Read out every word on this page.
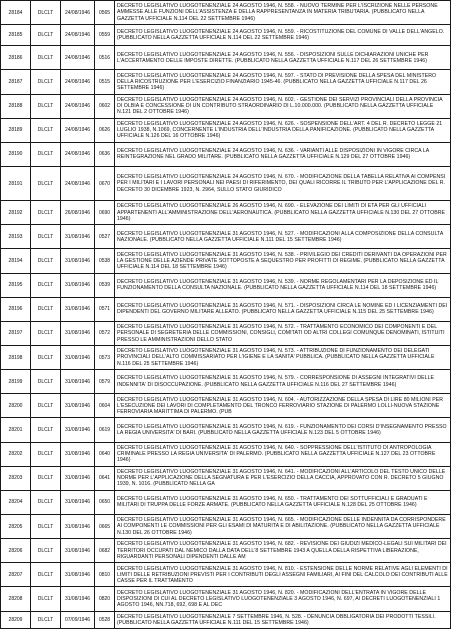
28184	DLCLT	24/08/1946	0565	DECRETO LEGISLATIVO LUOGOTENENZIALE 24 AGOSTO 1946, N. 558. - NUOVO TERMINE PER L'ISCRIZIONE NELLE PERSONE AMMESSE ALLE FUNZIONI DELL'ASSISTENZA E DELLA RAPPRESENTANZA IN MATERIA TRIBUTARIA. (PUBBLICATO NELLA GAZZETTA UFFICIALE N.114 DEL 22 SETTEMBRE 1946)
28185	DLCLT	24/08/1946	0559	DECRETO LEGISLATIVO LUOGOTENENZIALE 24 AGOSTO 1946, N. 559. - RICOSTITUZIONE DEL COMUNE DI VALLE DELL'ANGELO. (PUBBLICATO NELLA GAZZETTA UFFICIALE N.114 DEL 22 SETTEMBRE 1946)
28186	DLCLT	24/08/1946	0516	DECRETO LEGISLATIVO LUOGOTENENZIALE 24 AGOSTO 1946, N. 556. - DISPOSIZIONI SULLE DICHIARAZIONI UNICHE PER L'ACCERTAMENTO DELLE IMPOSTE DIRETTE. (PUBBLICATO NELLA GAZZETTA UFFICIALE N.117 DEL 26 SETTEMBRE 1946)
28187	DLCLT	24/08/1946	0515	DECRETO LEGISLATIVO LUOGOTENENZIALE 24 AGOSTO 1946, N. 597. - STATO DI PREVISIONE DELLA SPESA DEL MINISTERO DELLA RICOSTRUZIONE PER L'ESERCIZIO FINANZIARIO 1945-46. (PUBBLICATO NELLA GAZZETTA UFFICIALE N.117 DEL 26 SETTEMBRE 1946)
28188	DLCLT	24/08/1946	0602	DECRETO LEGISLATIVO LUOGOTENENZIALE 24 AGOSTO 1946, N. 602. - GESTIONE DEI SERVIZI PROVINCIALI DELLA PROVINCIA DI OLBIA E CONCESSIONE DI UN CONTRIBUTO STRAORDINARIO DI L.10.000.000. (PUBBLICATO NELLA GAZZETTA UFFICIALE N.121 DEL 2 OTTOBRE 1946)
28189	DLCLT	24/08/1946	0626	DECRETO LEGISLATIVO LUOGOTENENZIALE 24 AGOSTO 1946, N. 626. - SOSPENSIONE DELL'ART. 4 DEL R. DECRETO LEGGE 21 LUGLIO 1938, N.1069, CONCERNENTE L'INDUSTRIA DELL'INDUSTRIA DELLA PANIFICAZIONE. (PUBBLICATO NELLA GAZZETTA UFFICIALE N.126 DEL 16 OTTOBRE 1946)
28190	DLCLT	24/08/1946	0636	DECRETO LEGISLATIVO LUOGOTENENZIALE 24 AGOSTO 1946, N. 636. - VARIANTI ALLE DISPOSIZIONI IN VIGORE CIRCA LA REINTEGRAZIONE NEL GRADO MILITARE. (PUBBLICATO NELLA GAZZETTA UFFICIALE N.129 DEL 27 OTTOBRE 1946)
28191	DLCLT	24/08/1946	0670	DECRETO LEGISLATIVO LUOGOTENENZIALE 24 AGOSTO 1946, N. 670. - MODIFICAZIONE DELLA TABELLA RELATIVA AI COMPENSI PER I MILITARI E I LAVORI PERSONALI NEI PAESI DI RIFERIMENTO, DEI QUALI RICORRE IL TRIBUTO PER L'APPLICAZIONE DEL R. DECRETO 30 DICEMBRE 1923, N. 2964, SULLO STATO GIURIDICO
28192	DLCLT	26/08/1946	0690	DECRETO LEGISLATIVO LUOGOTENENZIALE 26 AGOSTO 1946, N. 690. - ELEVAZIONE DEI LIMITI DI ETA PER GLI UFFICIALI APPARTENENTI ALL'AMMINISTRAZIONE DELL'AERONAUTICA. (PUBBLICATO NELLA GAZZETTA UFFICIALE N.130 DEL 27 OTTOBRE 1946)
28193	DLCLT	31/08/1946	0527	DECRETO LEGISLATIVO LUOGOTENENZIALE 31 AGOSTO 1946, N. 527. - MODIFICAZIONI ALLA COMPOSIZIONE DELLA CONSULTA NAZIONALE. (PUBBLICATO NELLA GAZZETTA UFFICIALE N.111 DEL 15 SETTEMBRE 1946)
28194	DLCLT	31/08/1946	0538	DECRETO LEGISLATIVO LUOGOTENENZIALE 31 AGOSTO 1946, N. 538. - PRIVILEGIO DEI CREDITI DERIVANTI DA OPERAZIONI PER LA GESTIONE DELLE AZIENDE PRIVATE SOTTOPOSTE A SEQUESTRO PER PROFITTI DI REGIME. (PUBBLICATO NELLA GAZZETTA UFFICIALE N.114 DEL 18 SETTEMBRE 1946)
28195	DLCLT	31/08/1946	0539	DECRETO LEGISLATIVO LUOGOTENENZIALE 31 AGOSTO 1946, N. 539. - NORME REGOLAMENTARI PER LA DEPOSIZIONE ED IL FUNZIONAMENTO DELLA CONSULTA NAZIONALE. (PUBBLICATO NELLA GAZZETTA UFFICIALE N.114 DEL 18 SETTEMBRE 1946)
28196	DLCLT	31/08/1946	0571	DECRETO LEGISLATIVO LUOGOTENENZIALE 31 AGOSTO 1946, N. 571. - DISPOSIZIONI CIRCA LE NOMINE ED I LICENZIAMENTI DEI DIPENDENTI DEL GOVERNO MILITARE ALLEATO. (PUBBLICATO NELLA GAZZETTA UFFICIALE N.115 DEL 25 SETTEMBRE 1946)
28197	DLCLT	31/08/1946	0572	DECRETO LEGISLATIVO LUOGOTENENZIALE 31 AGOSTO 1946, N. 572. - TRATTAMENTO ECONOMICO DEI COMPONENTI E DEL PERSONALE DI SEGRETERIA DELLE COMMISSIONI, CONSIGLI, COMITATI OD ALTRI COLLEGI COMUNQUE DENOMINATI, ISTITUITI PRESSO LE AMMINISTRAZIONI DELLO STATO
28198	DLCLT	31/08/1946	0573	DECRETO LEGISLATIVO LUOGOTENENZIALE 31 AGOSTO 1946, N. 573. - ATTRIBUZIONE DI FUNZIONAMENTO DEI DELEGATI PROVINCIALI DELL'ALTO COMMISSARIATO PER L'IGIENE E LA SANITA' PUBBLICA. (PUBBLICATO NELLA GAZZETTA UFFICIALE N.116 DEL 25 SETTEMBRE 1946)
28199	DLCLT	31/08/1946	0579	DECRETO LEGISLATIVO LUOGOTENENZIALE 31 AGOSTO 1946, N. 579. - CORRESPONSIONE DI ASSEGNI INTEGRATIVI DELLE INDENNITA' DI DISOCCUPAZIONE. (PUBBLICATO NELLA GAZZETTA UFFICIALE N.116 DEL 27 SETTEMBRE 1946)
28200	DLCLT	31/08/1946	0604	DECRETO LEGISLATIVO LUOGOTENENZIALE 31 AGOSTO 1946, N. 604. - AUTORIZZAZIONE DELLA SPESA DI LIRE 80 MILIONI PER L'ESECUZIONE DEI LAVORI DI COMPLETAMENTO DEL TRONCO FERROVIARIO STAZIONE DI PALERMO LOLLI-NUOVA STAZIONE FERROVIARIA MARITTIMA DI PALERMO. (PUB
28201	DLCLT	31/08/1946	0619	DECRETO LEGISLATIVO LUOGOTENENZIALE 31 AGOSTO 1946, N. 619. - FUNZIONAMENTO DEI CORSI D'INSEGNAMENTO PRESSO LA REGIA UNIVERSITA' DI BARI. (PUBBLICATO NELLA GAZZETTA UFFICIALE N.123 DEL 5 OTTOBRE 1946)
28202	DLCLT	31/08/1946	0640	DECRETO LEGISLATIVO LUOGOTENENZIALE 31 AGOSTO 1946, N. 640. - SOPPRESSIONE DELL'ISTITUTO DI ANTROPOLOGIA CRIMINALE PRESSO LA REGIA UNIVERSITA' DI PALERMO. (PUBBLICATO NELLA GAZZETTA UFFICIALE N.127 DEL 23 OTTOBRE 1946)
28203	DLCLT	31/08/1946	0641	DECRETO LEGISLATIVO LUOGOTENENZIALE 31 AGOSTO 1946, N. 641. - MODIFICAZIONI ALL'ARTICOLO DEL TESTO UNICO DELLE NORME PER L'APPLICAZIONE DELLA SEGNATURA E PER L'ESERCIZIO DELLA CACCIA, APPROVATO CON R. DECRETO 5 GIUGNO 1939, N. 1016. (PUBBLICATO NELLA GA
28204	DLCLT	31/08/1946	0650	DECRETO LEGISLATIVO LUOGOTENENZIALE 31 AGOSTO 1946, N. 650. - TRATTAMENTO DEI SOTTUFFICIALI E GRADUATI E MILITARI DI TRUPPA DELLE FORZE ARMATE. (PUBBLICATO NELLA GAZZETTA UFFICIALE N.128 DEL 25 OTTOBRE 1946)
28205	DLCLT	31/08/1946	0665	DECRETO LEGISLATIVO LUOGOTENENZIALE 31 AGOSTO 1946, N. 665. - MODIFICAZIONE DELLE INDENNITA DA CORRISPONDERE AI COMPONENTI LE COMMISSIONI PER GLI ESAMI DI MATURITA E DI ABILITAZIONE. (PUBBLICATO NELLA GAZZETTA UFFICIALE N.130 DEL 26 OTTOBRE 1946)
28206	DLCLT	31/08/1946	0682	DECRETO LEGISLATIVO LUOGOTENENZIALE 31 AGOSTO 1946, N. 682. - REVISIONE DEI GIUDIZI MEDICO-LEGALI SUI MILITARI DEI TERRITORI OCCUPATI DAL NEMICO DALLA DATA DELL'8 SETTEMBRE 1943 A QUELLA DELLA RISPETTIVA LIBERAZIONE, RIGUARDANTI PERSONALI DIPENDENTI DALLE AM
28207	DLCLT	31/08/1946	0810	DECRETO LEGISLATIVO LUOGOTENENZIALE 31 AGOSTO 1946, N. 810. - ESTENSIONE DELLE NORME RELATIVE AGLI ELEMENTI DI LIMITI DELLE RETRIBUZIONI PREVISTI PER I CONTRIBUTI DEGLI ASSEGNI FAMILIARI, AI FINI DEL CALCOLO DEI CONTRIBUTI ALLE CASSE PER IL TRATTAMENTO
28208	DLCLT	31/08/1946	0820	DECRETO LEGISLATIVO LUOGOTENENZIALE 31 AGOSTO 1946, N. 820. - MODIFICAZIONI DELL'ENTRATA IN VIGORE DELLE DISPOSIZIONI DI CUI AL DECRETO LEGISLATIVO LUOGOTENENZIALE 3 AGOSTO 1946, N. 697, AI DECRETI LUOGOTENENZIALI 1 AGOSTO 1946, NN.718, 692, 698 E AL DEC
28209	DLCLT	07/09/1946	0528	DECRETO LEGISLATIVO LUOGOTENENZIALE 7 SETTEMBRE 1946, N. 528. - DENUNCIA OBBLIGATORIA DEI PRODOTTI TESSILI. (PUBBLICATO NELLA GAZZETTA UFFICIALE N.111 DEL 15 SETTEMBRE 1946)
